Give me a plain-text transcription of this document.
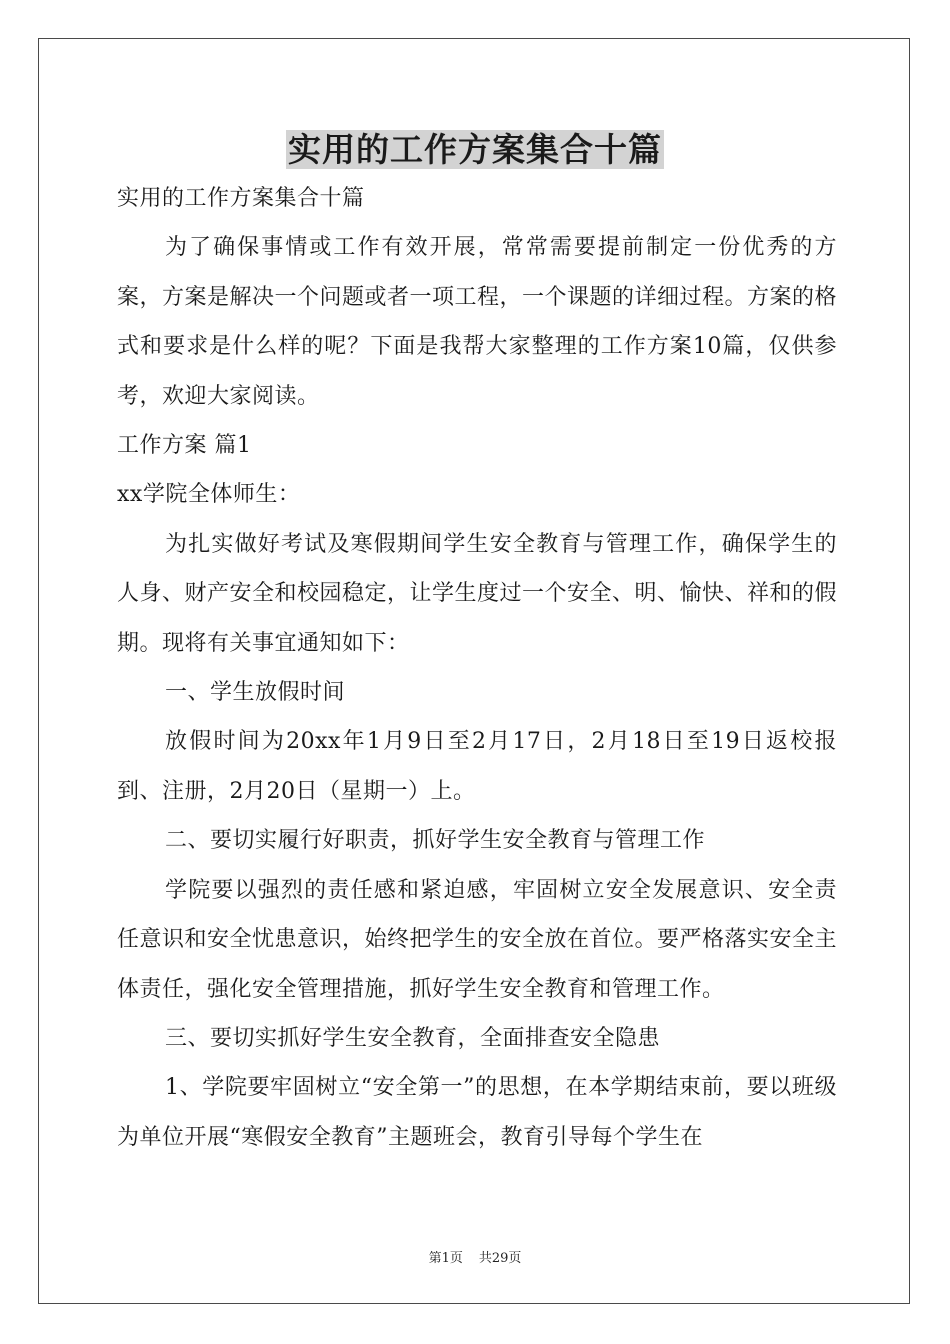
实用的工作方案集合十篇

实用的工作方案集合十篇

为了确保事情或工作有效开展，常常需要提前制定一份优秀的方案，方案是解决一个问题或者一项工程，一个课题的详细过程。方案的格式和要求是什么样的呢？下面是我帮大家整理的工作方案10篇，仅供参考，欢迎大家阅读。

工作方案 篇1

xx学院全体师生：

为扎实做好考试及寒假期间学生安全教育与管理工作，确保学生的人身、财产安全和校园稳定，让学生度过一个安全、明、愉快、祥和的假期。现将有关事宜通知如下：

一、学生放假时间

放假时间为20xx年1月9日至2月17日，2月18日至19日返校报到、注册，2月20日（星期一）上。

二、要切实履行好职责，抓好学生安全教育与管理工作

学院要以强烈的责任感和紧迫感，牢固树立安全发展意识、安全责任意识和安全忧患意识，始终把学生的安全放在首位。要严格落实安全主体责任，强化安全管理措施，抓好学生安全教育和管理工作。

三、要切实抓好学生安全教育，全面排查安全隐患

1、学院要牢固树立“安全第一”的思想，在本学期结束前，要以班级为单位开展“寒假安全教育”主题班会，教育引导每个学生在

第1页 共29页
